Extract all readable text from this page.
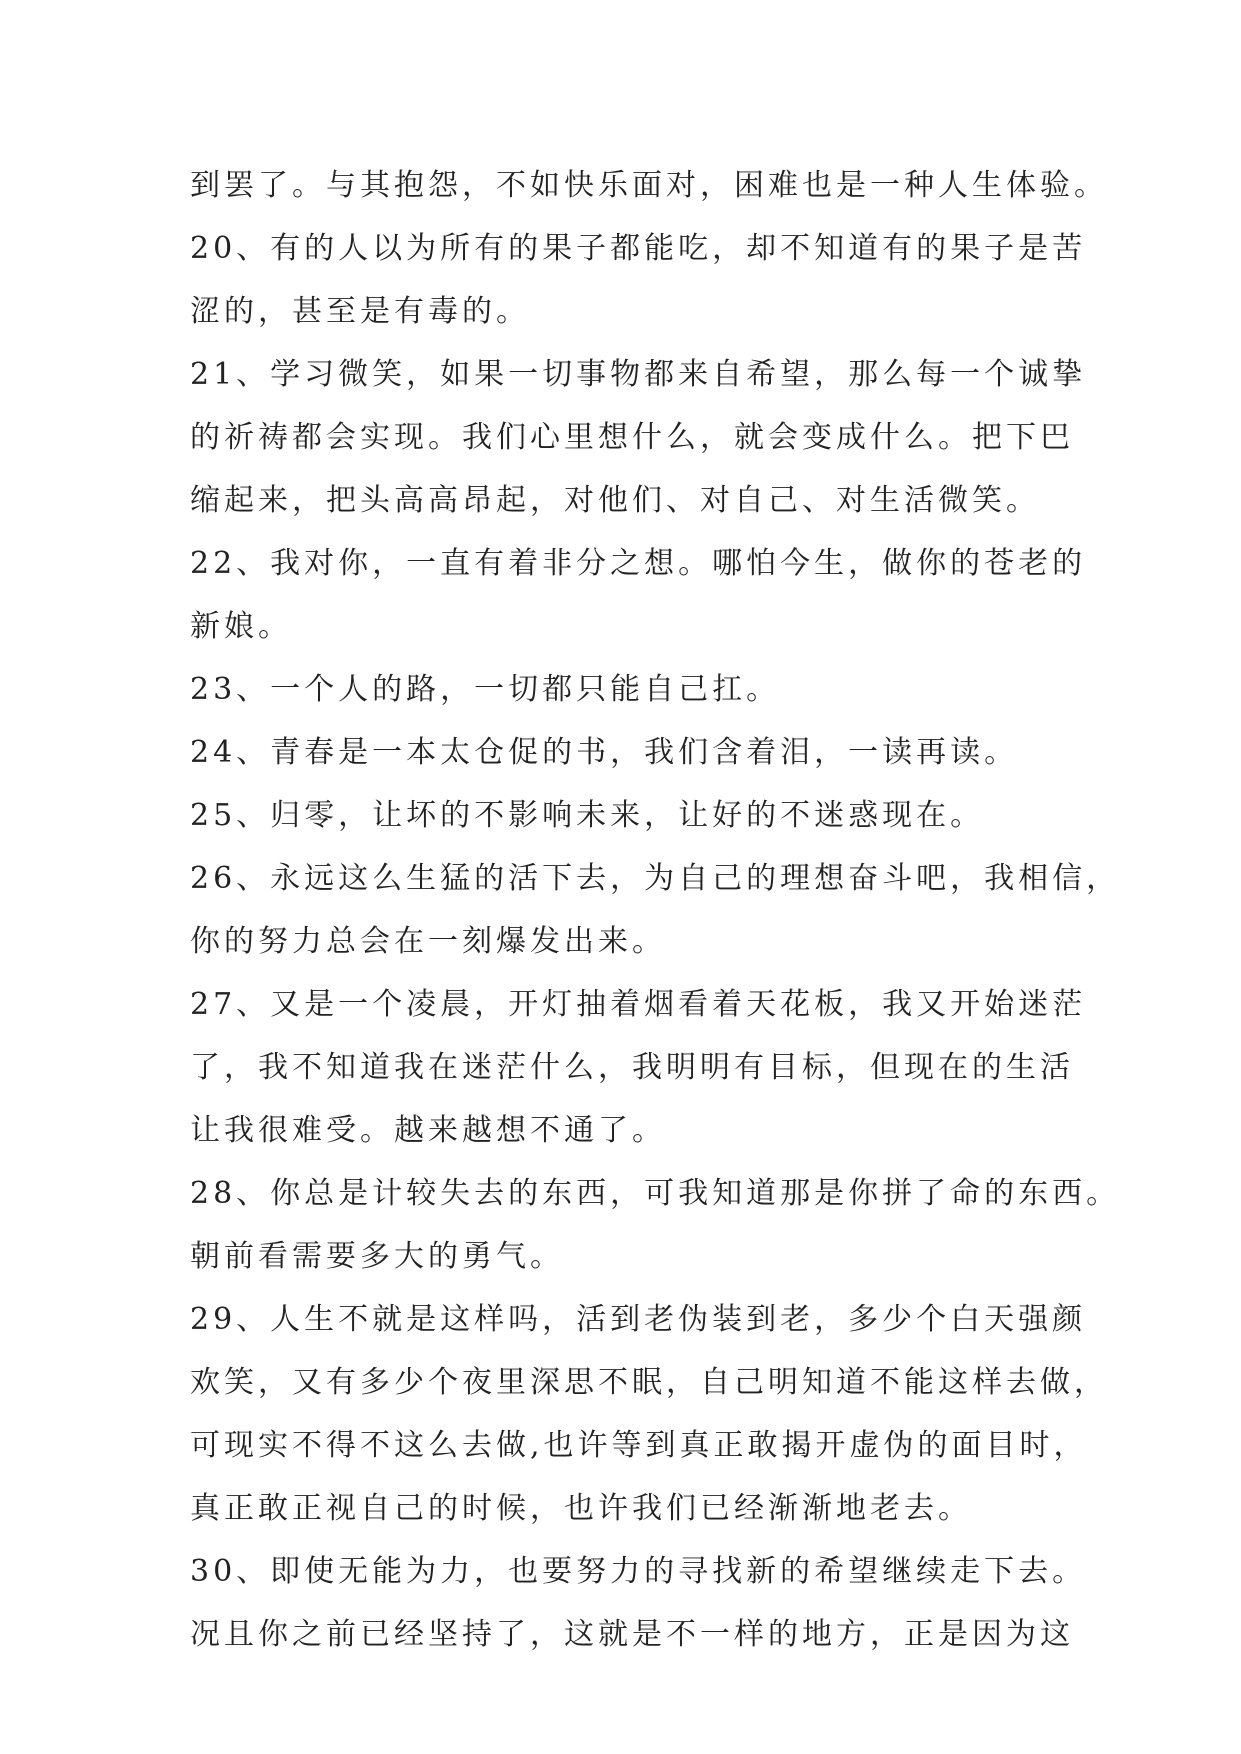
到罢了。与其抱怨，不如快乐面对，困难也是一种人生体验。
20、有的人以为所有的果子都能吃，却不知道有的果子是苦
涩的，甚至是有毒的。
21、学习微笑，如果一切事物都来自希望，那么每一个诚挚
的祈祷都会实现。我们心里想什么，就会变成什么。把下巴
缩起来，把头高高昂起，对他们、对自己、对生活微笑。
22、我对你，一直有着非分之想。哪怕今生，做你的苍老的
新娘。
23、一个人的路，一切都只能自己扛。
24、青春是一本太仓促的书，我们含着泪，一读再读。
25、归零，让坏的不影响未来，让好的不迷惑现在。
26、永远这么生猛的活下去，为自己的理想奋斗吧，我相信，
你的努力总会在一刻爆发出来。
27、又是一个凌晨，开灯抽着烟看着天花板，我又开始迷茫
了，我不知道我在迷茫什么，我明明有目标，但现在的生活
让我很难受。越来越想不通了。
28、你总是计较失去的东西，可我知道那是你拼了命的东西。
朝前看需要多大的勇气。
29、人生不就是这样吗，活到老伪装到老，多少个白天强颜
欢笑，又有多少个夜里深思不眠，自己明知道不能这样去做，
可现实不得不这么去做,也许等到真正敢揭开虚伪的面目时，
真正敢正视自己的时候，也许我们已经渐渐地老去。
30、即使无能为力，也要努力的寻找新的希望继续走下去。
况且你之前已经坚持了，这就是不一样的地方，正是因为这
